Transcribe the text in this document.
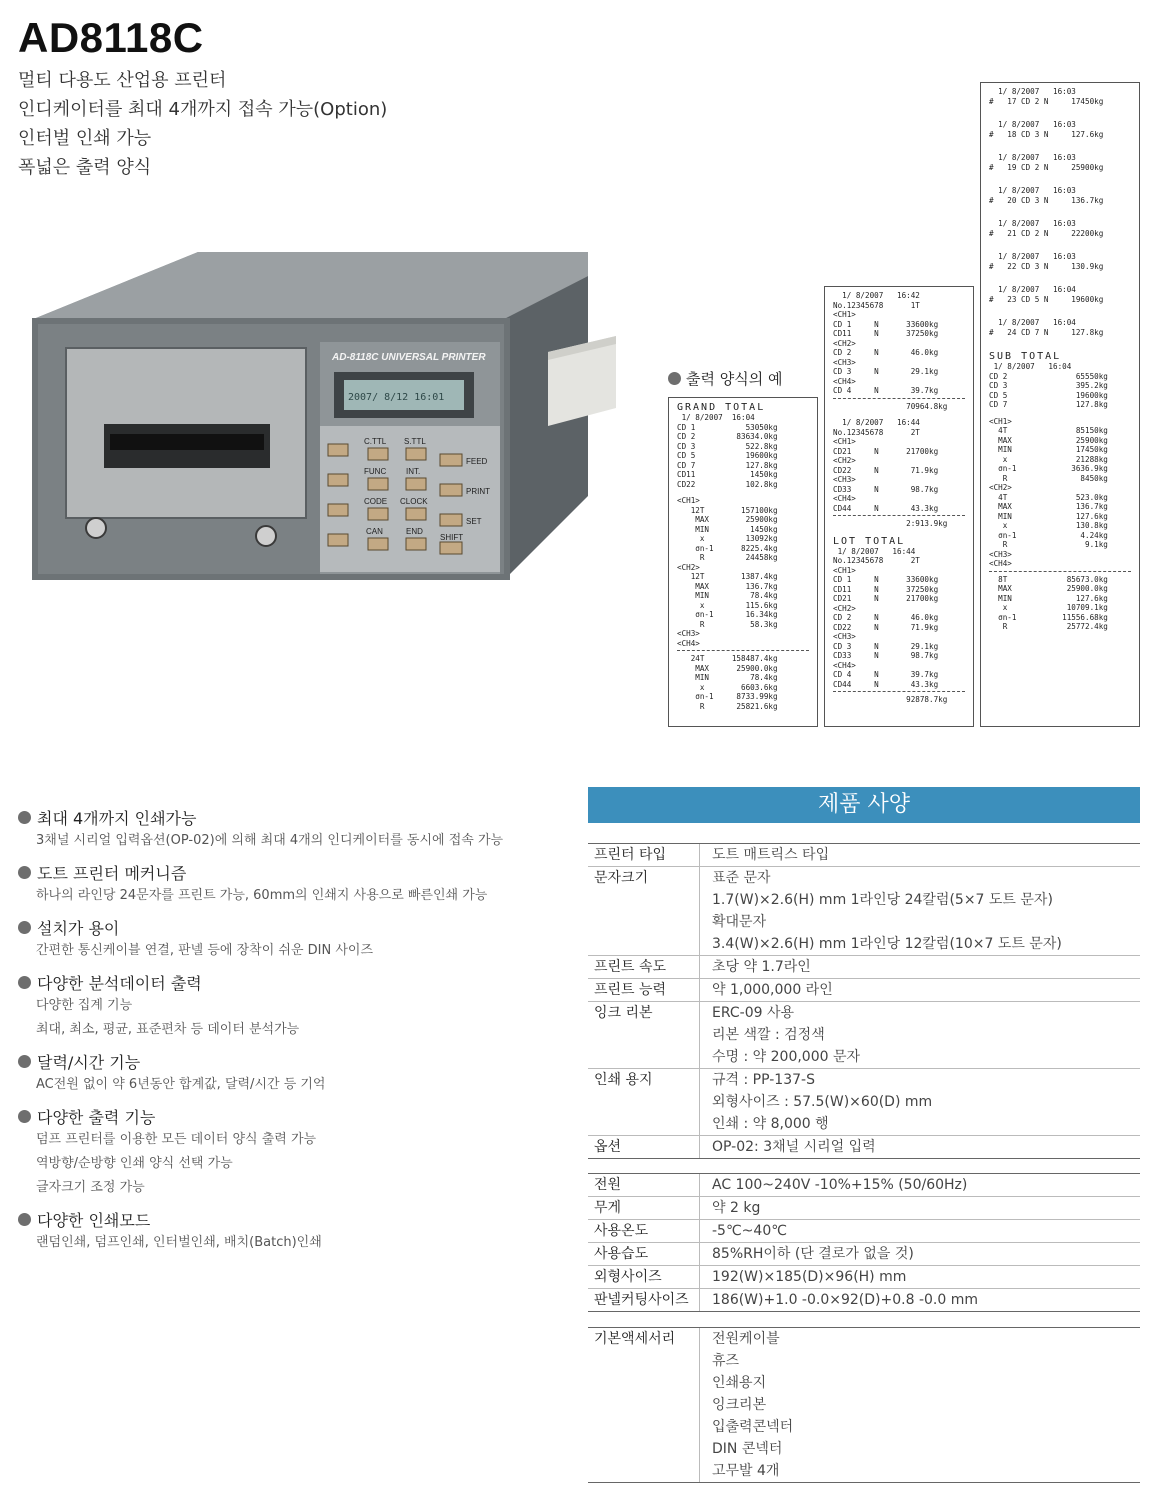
AD8118C
멀티 다용도 산업용 프린터
인디케이터를 최대 4개까지 접속 가능(Option)
인터벌 인쇄 가능
폭넓은 출력 양식
AD-8118C UNIVERSAL PRINTER
2007/ 8/12 16:01
C.TTL S.TTL
FEED
FUNC INT.
PRINT
CODE CLOCK
SET
CAN	END
SHIFT
출력 양식의 예
GRAND TOTAL
1/ 8/2007  16:04
CD 1           53050kg
CD 2         83634.0kg
CD 3           522.8kg
CD 5           19600kg
CD 7           127.8kg
CD11            1450kg
CD22           102.8kg
<CH1>
12T        157100kg
MAX        25900kg
MIN         1450kg
x         13092kg
σn-1      8225.4kg
R         24458kg
<CH2>
12T        1387.4kg
MAX        136.7kg
MIN         78.4kg
x         115.6kg
σn-1       16.34kg
R          58.3kg
<CH3>
<CH4>
24T      158487.4kg
MAX      25900.0kg
MIN         78.4kg
x        6603.6kg
σn-1     8733.99kg
R       25821.6kg
1/ 8/2007   16:42
No.12345678      1T
<CH1>
CD 1     N      33600kg
CD11     N      37250kg
<CH2>
CD 2     N       46.0kg
<CH3>
CD 3     N       29.1kg
<CH4>
CD 4     N       39.7kg
70964.8kg
1/ 8/2007   16:44
No.12345678      2T
<CH1>
CD21     N      21700kg
<CH2>
CD22     N       71.9kg
<CH3>
CD33     N       98.7kg
<CH4>
CD44     N       43.3kg
2:913.9kg
LOT TOTAL
1/ 8/2007   16:44
No.12345678      2T
<CH1>
CD 1     N      33600kg
CD11     N      37250kg
CD21     N      21700kg
<CH2>
CD 2     N       46.0kg
CD22     N       71.9kg
<CH3>
CD 3     N       29.1kg
CD33     N       98.7kg
<CH4>
CD 4     N       39.7kg
CD44     N       43.3kg
92878.7kg
1/ 8/2007   16:03
#   17 CD 2 N     17450kg
1/ 8/2007   16:03
#   18 CD 3 N     127.6kg
1/ 8/2007   16:03
#   19 CD 2 N     25900kg
1/ 8/2007   16:03
#   20 CD 3 N     136.7kg
1/ 8/2007   16:03
#   21 CD 2 N     22200kg
1/ 8/2007   16:03
#   22 CD 3 N     130.9kg
1/ 8/2007   16:04
#   23 CD 5 N     19600kg
1/ 8/2007   16:04
#   24 CD 7 N     127.8kg
SUB TOTAL
1/ 8/2007   16:04
CD 2               65550kg
CD 3               395.2kg
CD 5               19600kg
CD 7               127.8kg
<CH1>
4T               85150kg
MAX              25900kg
MIN              17450kg
x               21288kg
σn-1            3636.9kg
R                8450kg
<CH2>
4T               523.0kg
MAX              136.7kg
MIN              127.6kg
x               130.8kg
σn-1              4.24kg
R                 9.1kg
<CH3>
<CH4>
8T             85673.0kg
MAX            25900.0kg
MIN              127.6kg
x             10709.1kg
σn-1          11556.68kg
R             25772.4kg
최대 4개까지 인쇄가능
3채널 시리얼 입력옵션(OP-02)에 의해 최대 4개의 인디케이터를 동시에 접속 가능
도트 프린터 메커니즘
하나의 라인당 24문자를 프린트 가능, 60mm의 인쇄지 사용으로 빠른인쇄 가능
설치가 용이
간편한 통신케이블 연결, 판넬 등에 장착이 쉬운 DIN 사이즈
다양한 분석데이터 출력
다양한 집계 기능
최대, 최소, 평균, 표준편차 등 데이터 분석가능
달력/시간 기능
AC전원 없이 약 6년동안 합계값, 달력/시간 등 기억
다양한 출력 기능
덤프 프린터를 이용한 모든 데이터 양식 출력 가능
역방향/순방향 인쇄 양식 선택 가능
글자크기 조정 가능
다양한 인쇄모드
랜덤인쇄, 덤프인쇄, 인터벌인쇄, 배치(Batch)인쇄
제품 사양
프린터 타입	도트 매트릭스 타입
문자크기	표준 문자
1.7(W)×2.6(H) mm 1라인당 24칼럼(5×7 도트 문자)
확대문자
3.4(W)×2.6(H) mm 1라인당 12칼럼(10×7 도트 문자)
프린트 속도	초당 약 1.7라인
프린트 능력	약 1,000,000 라인
잉크 리본	ERC-09 사용
리본 색깔 : 검정색
수명 : 약 200,000 문자
인쇄 용지	규격 : PP-137-S
외형사이즈 : 57.5(W)×60(D) mm
인쇄 : 약 8,000 행
옵션	OP-02: 3채널 시리얼 입력
전원	AC 100~240V -10%+15% (50/60Hz)
무게	약 2 kg
사용온도	-5℃~40℃
사용습도	85%RH이하 (단 결로가 없을 것)
외형사이즈	192(W)×185(D)×96(H) mm
판넬커팅사이즈	186(W)+1.0 -0.0×92(D)+0.8 -0.0 mm
기본액세서리	전원케이블
휴즈
인쇄용지
잉크리본
입출력콘넥터
DIN 콘넥터
고무발 4개
